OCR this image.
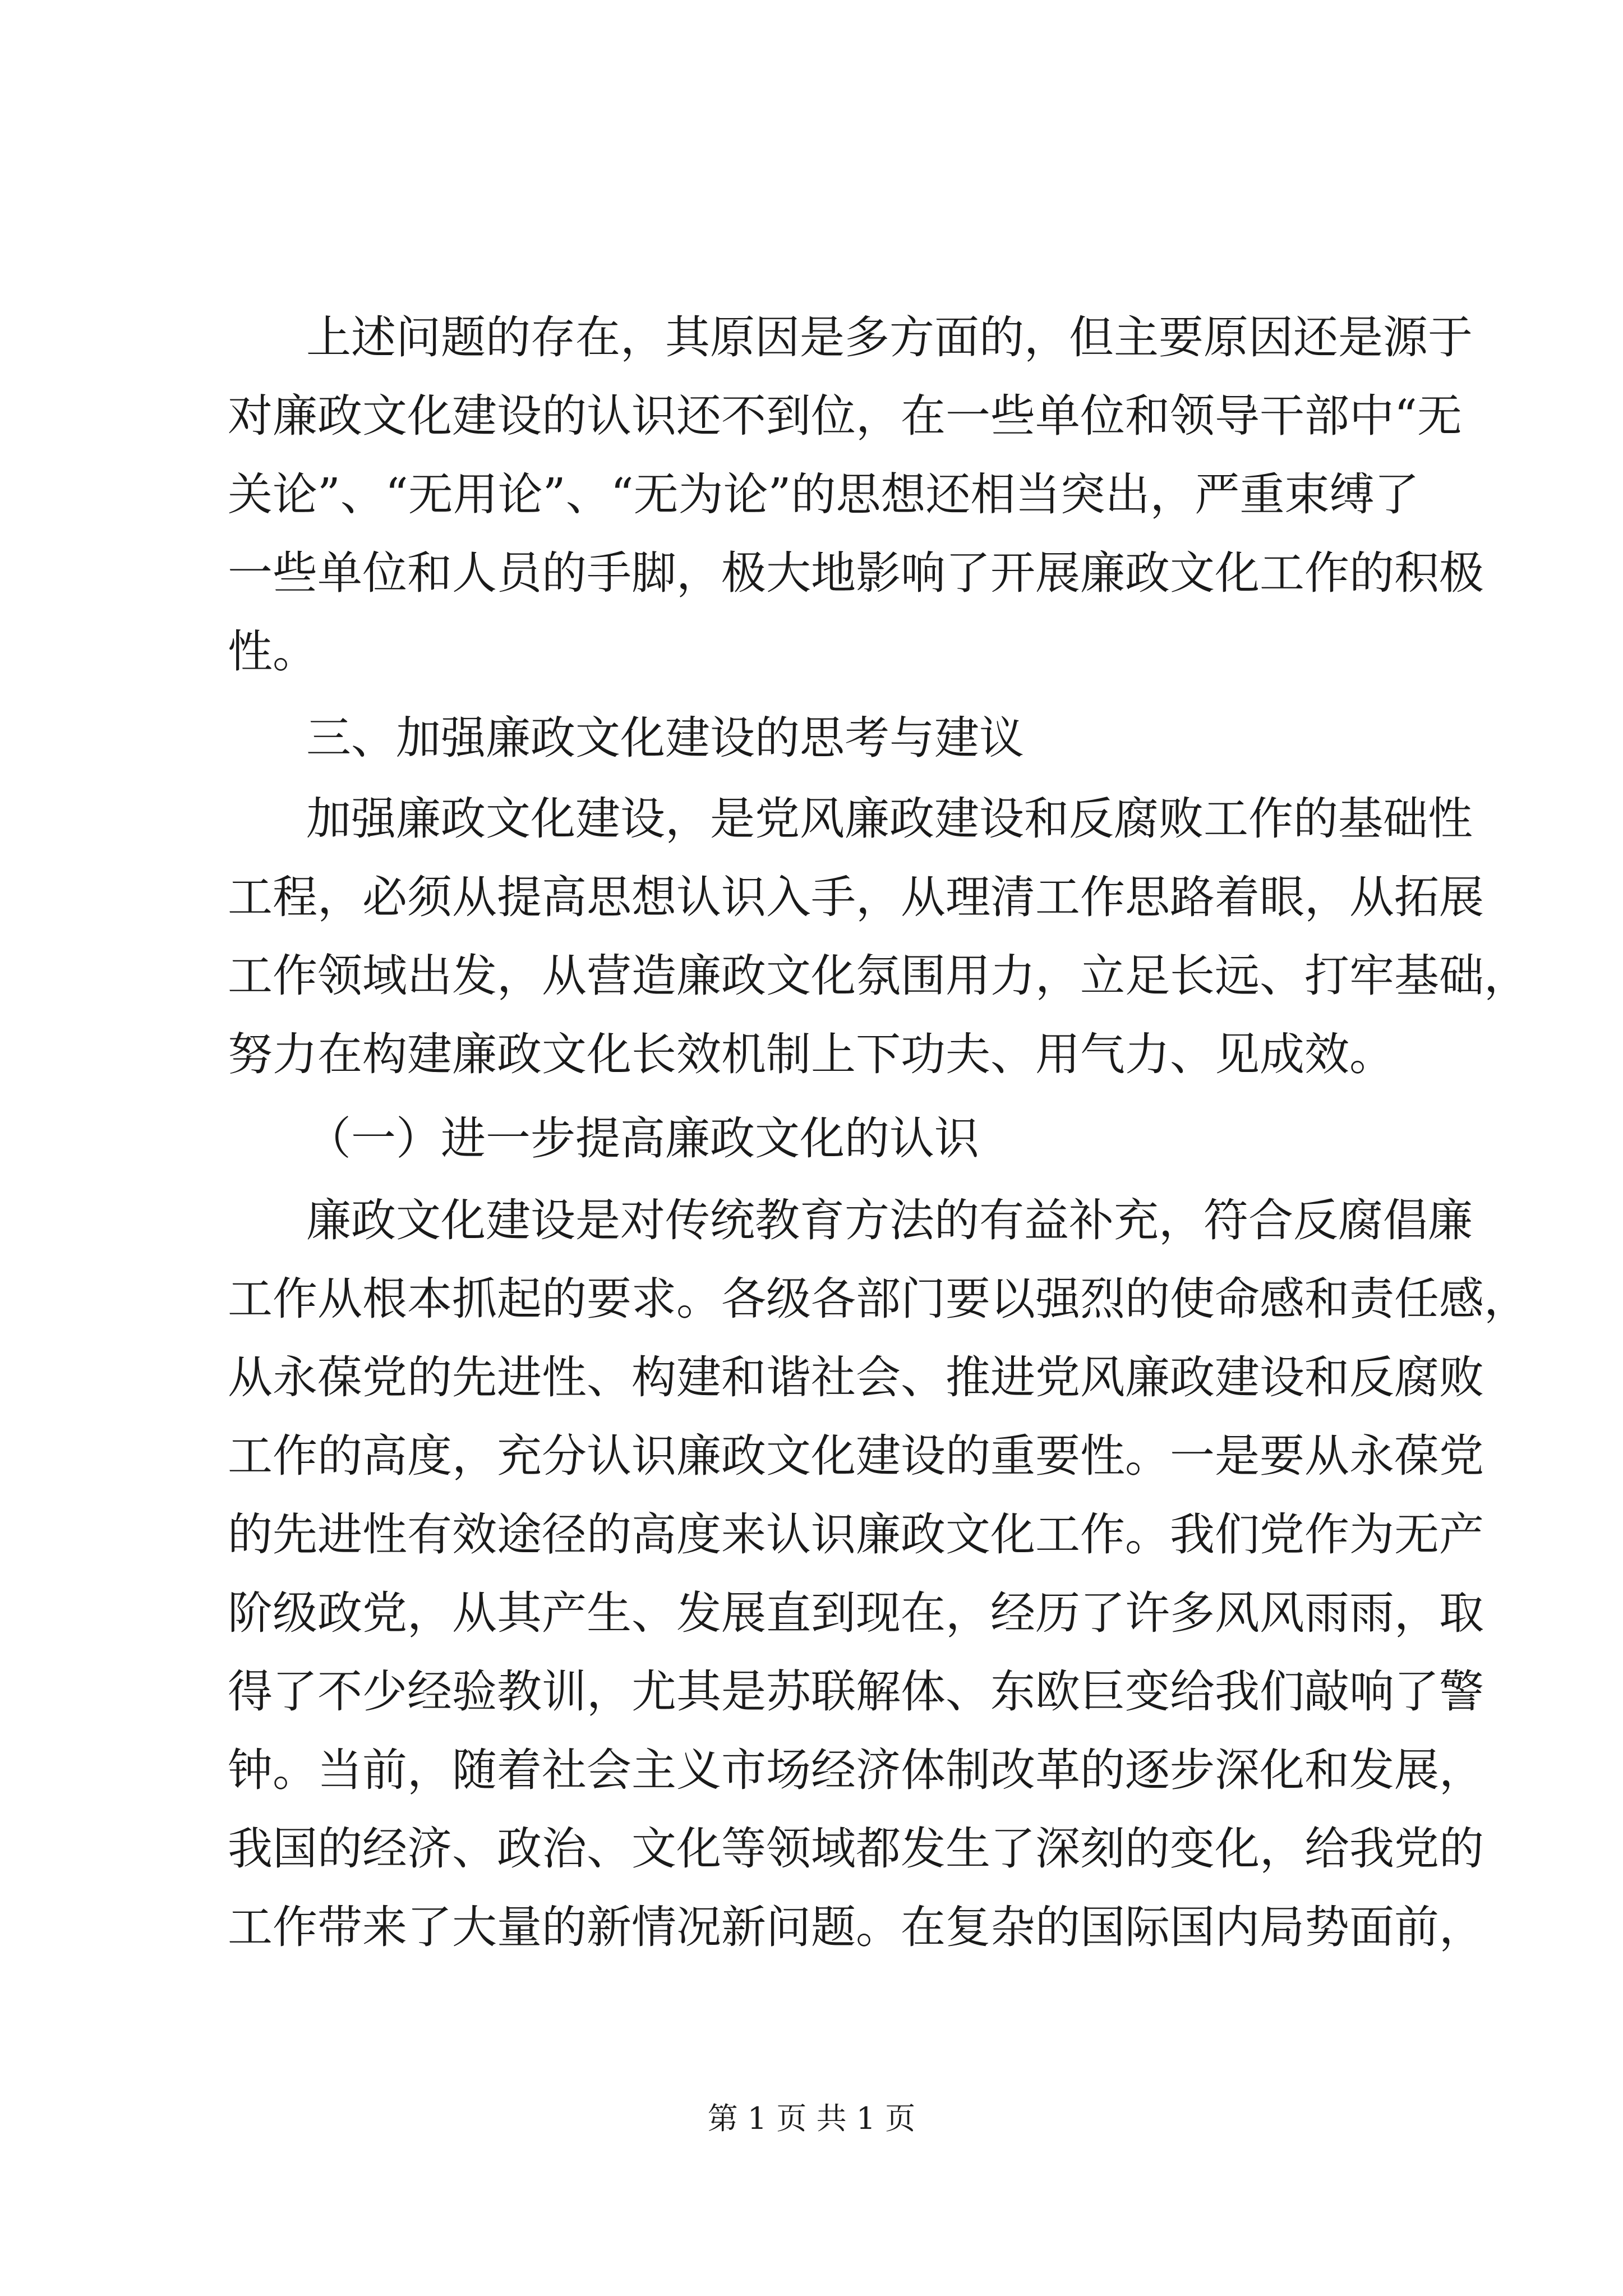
上述问题的存在，其原因是多方面的，但主要原因还是源于
对廉政文化建设的认识还不到位，在一些单位和领导干部中“无
关论”、“无用论”、“无为论”的思想还相当突出，严重束缚了
一些单位和人员的手脚，极大地影响了开展廉政文化工作的积极
性。
三、加强廉政文化建设的思考与建议
加强廉政文化建设，是党风廉政建设和反腐败工作的基础性
工程，必须从提高思想认识入手，从理清工作思路着眼，从拓展
工作领域出发，从营造廉政文化氛围用力，立足长远、打牢基础，
努力在构建廉政文化长效机制上下功夫、用气力、见成效。
（一）进一步提高廉政文化的认识
廉政文化建设是对传统教育方法的有益补充，符合反腐倡廉
工作从根本抓起的要求。各级各部门要以强烈的使命感和责任感，
从永葆党的先进性、构建和谐社会、推进党风廉政建设和反腐败
工作的高度，充分认识廉政文化建设的重要性。一是要从永葆党
的先进性有效途径的高度来认识廉政文化工作。我们党作为无产
阶级政党，从其产生、发展直到现在，经历了许多风风雨雨，取
得了不少经验教训，尤其是苏联解体、东欧巨变给我们敲响了警
钟。当前，随着社会主义市场经济体制改革的逐步深化和发展，
我国的经济、政治、文化等领域都发生了深刻的变化，给我党的
工作带来了大量的新情况新问题。在复杂的国际国内局势面前，
第 1 页 共 1 页
